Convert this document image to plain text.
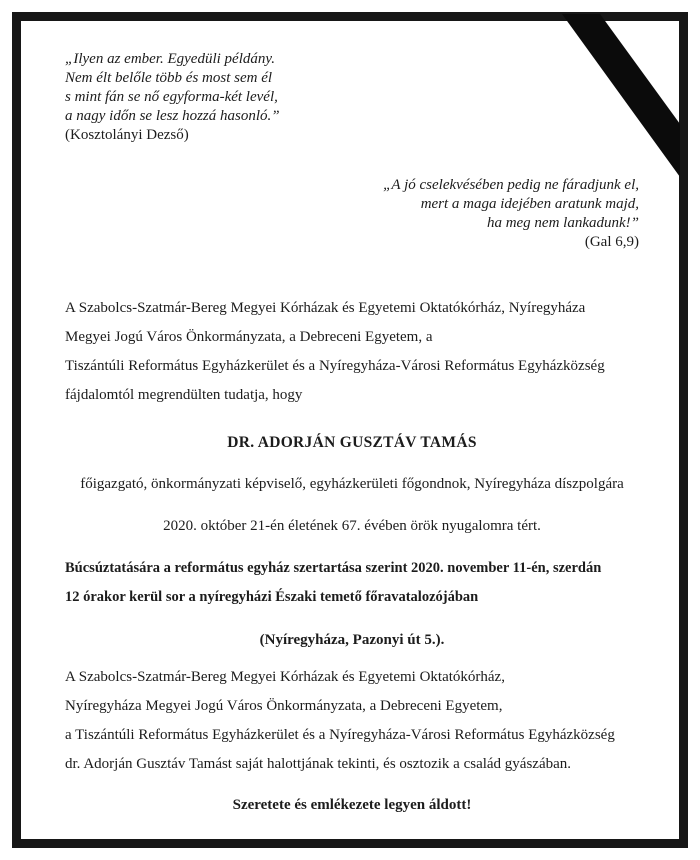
„Ilyen az ember. Egyedüli példány.
Nem élt belőle több és most sem él
s mint fán se nő egyforma-két levél,
a nagy időn se lesz hozzá hasonló.”
(Kosztolányi Dezső)
„A jó cselekvésében pedig ne fáradjunk el,
mert a maga idejében aratunk majd,
ha meg nem lankadunk!”
(Gal 6,9)
A Szabolcs-Szatmár-Bereg Megyei Kórházak és Egyetemi Oktatókórház, Nyíregyháza
Megyei Jogú Város Önkormányzata, a Debreceni Egyetem, a
Tiszántúli Református Egyházkerület és a Nyíregyháza-Városi Református Egyházközség
fájdalomtól megrendülten tudatja, hogy
DR. ADORJÁN GUSZTÁV TAMÁS
főigazgató, önkormányzati képviselő, egyházkerületi főgondnok, Nyíregyháza díszpolgára
2020. október 21-én életének 67. évében örök nyugalomra tért.
Búcsúztatására a református egyház szertartása szerint 2020. november 11-én, szerdán
12 órakor kerül sor a nyíregyházi Északi temető főravatalozójában
(Nyíregyháza, Pazonyi út 5.).
A Szabolcs-Szatmár-Bereg Megyei Kórházak és Egyetemi Oktatókórház,
Nyíregyháza Megyei Jogú Város Önkormányzata, a Debreceni Egyetem,
a Tiszántúli Református Egyházkerület és a Nyíregyháza-Városi Református Egyházközség
dr. Adorján Gusztáv Tamást saját halottjának tekinti, és osztozik a család gyászában.
Szeretete és emlékezete legyen áldott!
